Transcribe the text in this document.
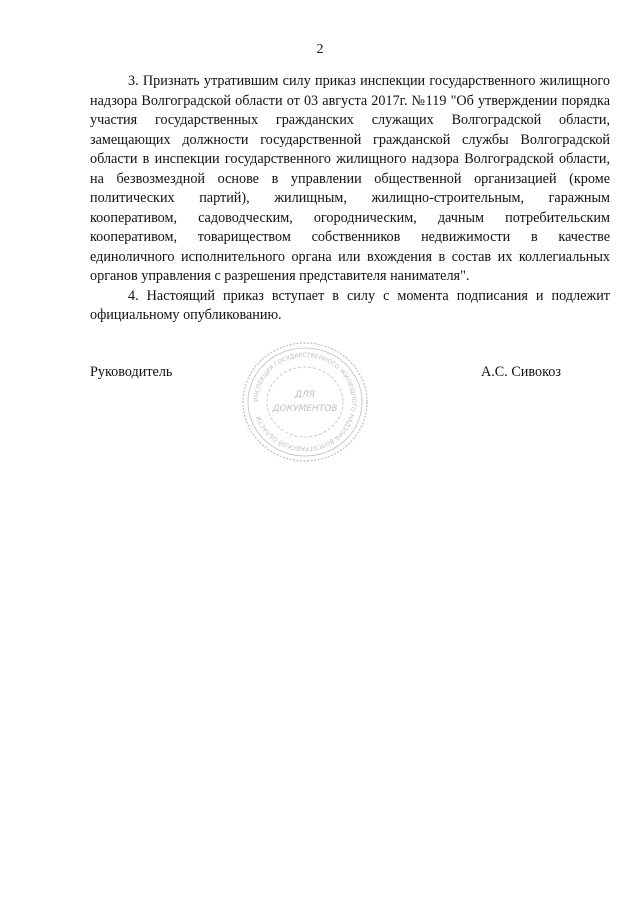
2

3. Признать утратившим силу приказ инспекции государственного жилищного надзора Волгоградской области от 03 августа 2017г. №119 "Об утверждении порядка участия государственных гражданских служащих Волгоградской области, замещающих должности государственной гражданской службы Волгоградской области в инспекции государственного жилищного надзора Волгоградской области, на безвозмездной основе в управлении общественной организацией (кроме политических партий), жилищным, жилищно-строительным, гаражным кооперативом, садоводческим, огородническим, дачным потребительским кооперативом, товариществом собственников недвижимости в качестве единоличного исполнительного органа или вхождения в состав их коллегиальных органов управления с разрешения представителя нанимателя".

4. Настоящий приказ вступает в силу с момента подписания и подлежит официальному опубликованию.

Руководитель
ИНСПЕКЦИЯ ГОСУДАРСТВЕННОГО ЖИЛИЩНОГО НАДЗОРА ВОЛГОГРАДСКОЙ ОБЛАСТИ
ДЛЯ
ДОКУМЕНТОВ
А.С. Сивокоз
